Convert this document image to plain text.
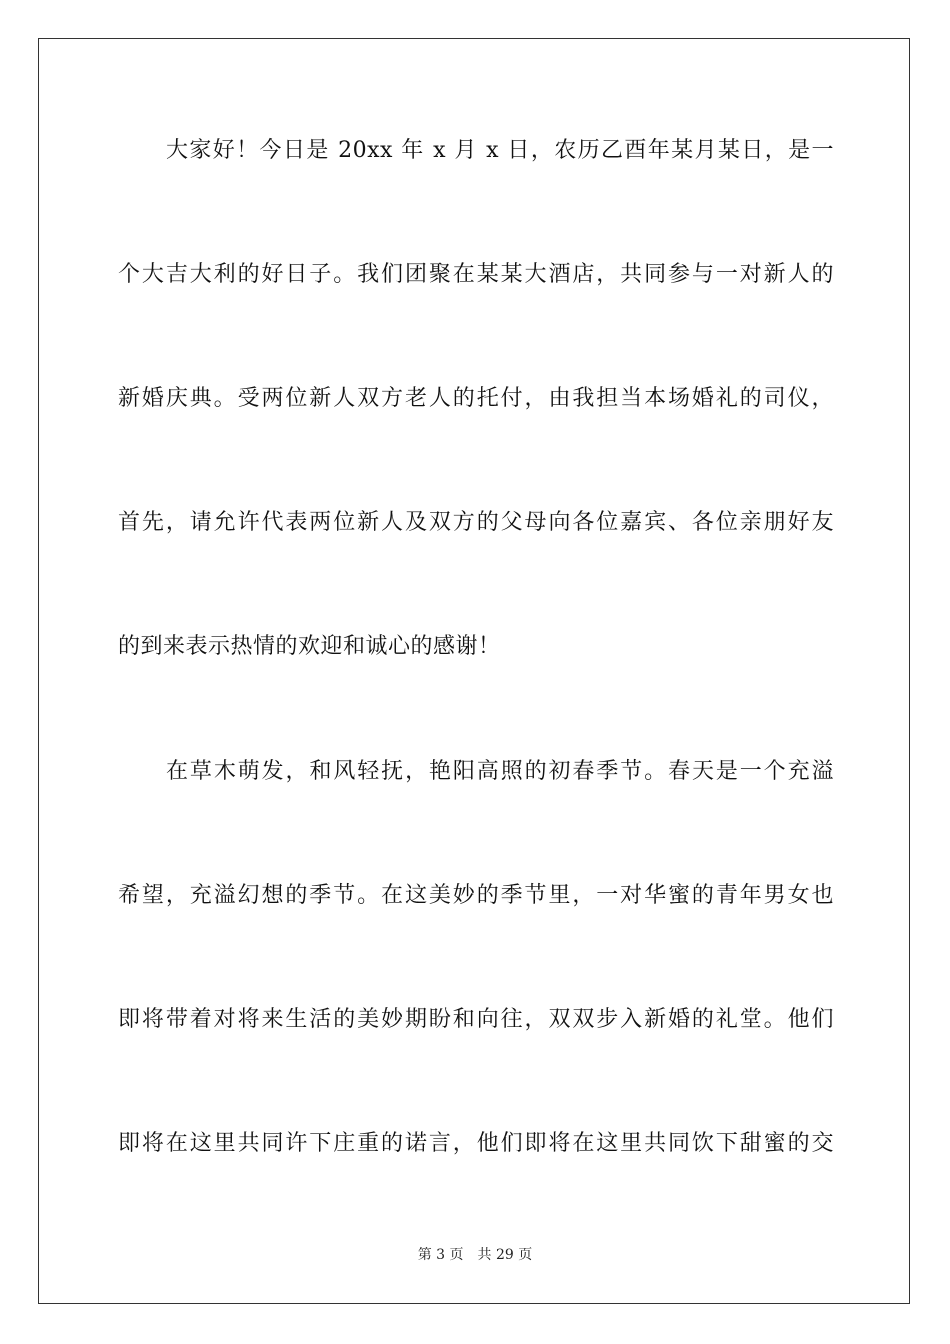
大家好！今日是 20xx 年 x 月 x 日，农历乙酉年某月某日，是一
个大吉大利的好日子。我们团聚在某某大酒店，共同参与一对新人的
新婚庆典。受两位新人双方老人的托付，由我担当本场婚礼的司仪，
首先，请允许代表两位新人及双方的父母向各位嘉宾、各位亲朋好友
的到来表示热情的欢迎和诚心的感谢！
在草木萌发，和风轻抚，艳阳高照的初春季节。春天是一个充溢
希望，充溢幻想的季节。在这美妙的季节里，一对华蜜的青年男女也
即将带着对将来生活的美妙期盼和向往，双双步入新婚的礼堂。他们
即将在这里共同许下庄重的诺言，他们即将在这里共同饮下甜蜜的交
第 3 页 共 29 页
